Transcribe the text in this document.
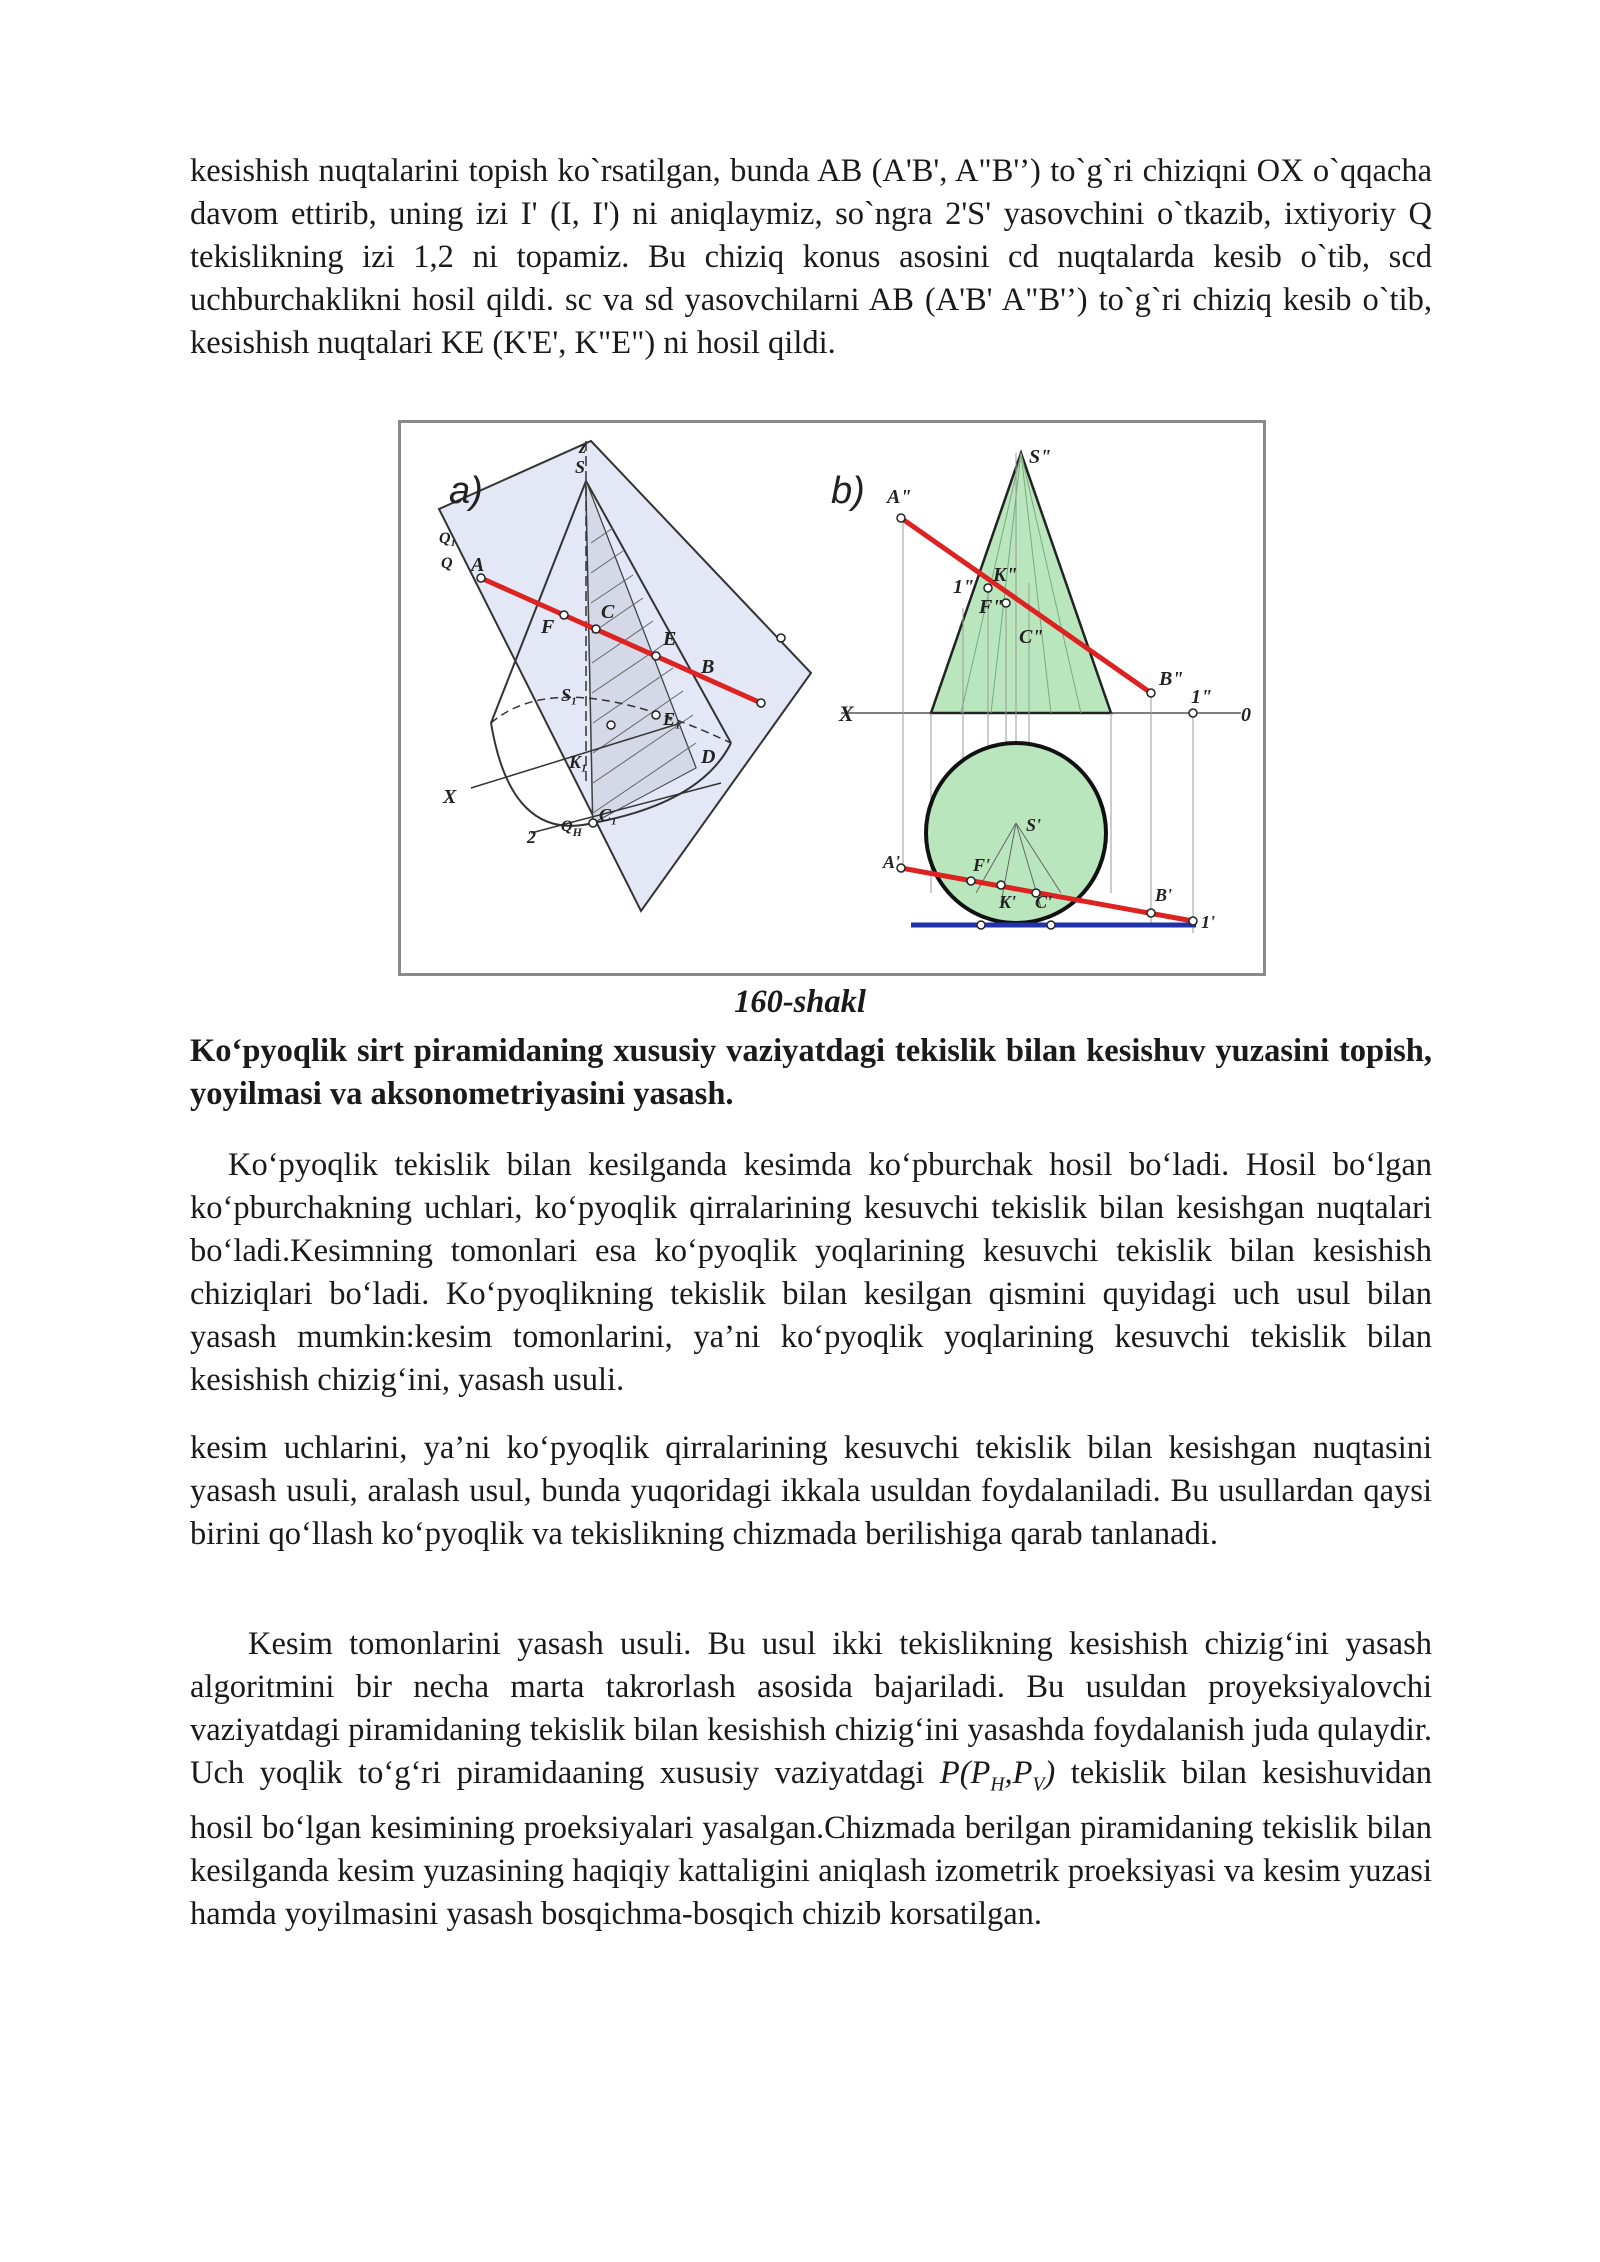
kesishish nuqtalarini topish ko`rsatilgan, bunda AB (A'B', A"B'’) to`g`ri chiziqni OX o`qqacha davom ettirib, uning izi I' (I, I') ni aniqlaymiz, so`ngra 2'S' yasovchini o`tkazib, ixtiyoriy Q tekislikning izi 1,2 ni topamiz. Bu chiziq konus asosini cd nuqtalarda kesib o`tib, scd uchburchaklikni hosil qildi. sc va sd yasovchilarni AB (A'B' A"B'’) to`g`ri chiziq kesib o`tib, kesishish nuqtalari KE (K'E', K"E") ni hosil qildi.

a)
z
S
Q₁
Q A
F
C
E
B
S₁
E₁
K₁	D
X
2
$Q_H$
C₁
b)
S"
A"
1"
K"
F"
C"
B"
X
1"
0
S'
A'	F'
K' C'	B'
1'
160-shakl

Ko‘pyoqlik sirt piramidaning xususiy vaziyatdagi tekislik bilan kesishuv yuzasini topish, yoyilmasi va aksonometriyasini yasash.

Ko‘pyoqlik tekislik bilan kesilganda kesimda ko‘pburchak hosil bo‘ladi. Hosil bo‘lgan ko‘pburchakning uchlari, ko‘pyoqlik qirralarining kesuvchi tekislik bilan kesishgan nuqtalari bo‘ladi.Kesimning tomonlari esa ko‘pyoqlik yoqlarining kesuvchi tekislik bilan kesishish chiziqlari bo‘ladi. Ko‘pyoqlikning tekislik bilan kesilgan qismini quyidagi uch usul bilan yasash mumkin:kesim tomonlarini, ya’ni ko‘pyoqlik yoqlarining kesuvchi tekislik bilan kesishish chizig‘ini, yasash usuli.

kesim uchlarini, ya’ni ko‘pyoqlik qirralarining kesuvchi tekislik bilan kesishgan nuqtasini yasash usuli, aralash usul, bunda yuqoridagi ikkala usuldan foydalaniladi. Bu usullardan qaysi birini qo‘llash ko‘pyoqlik va tekislikning chizmada berilishiga qarab tanlanadi.

Kesim tomonlarini yasash usuli. Bu usul ikki tekislikning kesishish chizig‘ini yasash algoritmini bir necha marta takrorlash asosida bajariladi. Bu usuldan proyeksiyalovchi vaziyatdagi piramidaning tekislik bilan kesishish chizig‘ini yasashda foydalanish juda qulaydir. Uch yoqlik to‘g‘ri piramidaaning xususiy vaziyatdagi $P(P_H,P_V)$ tekislik bilan kesishuvidan hosil bo‘lgan kesimining proeksiyalari yasalgan.Chizmada berilgan piramidaning tekislik bilan kesilganda kesim yuzasining haqiqiy kattaligini aniqlash izometrik proeksiyasi va kesim yuzasi hamda yoyilmasini yasash bosqichma-bosqich chizib korsatilgan.
